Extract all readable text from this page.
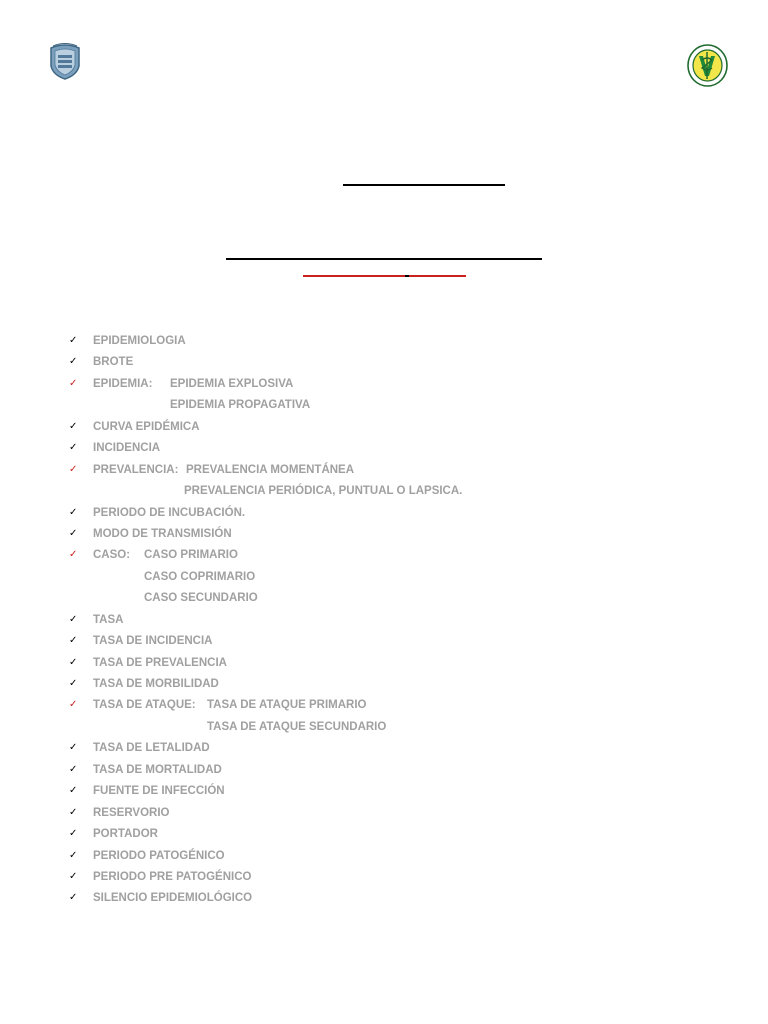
✓ EPIDEMIOLOGIA
✓ BROTE
✓ EPIDEMIA: EPIDEMIA EXPLOSIVA
EPIDEMIA PROPAGATIVA
✓ CURVA EPIDÉMICA
✓ INCIDENCIA
✓ PREVALENCIA: PREVALENCIA MOMENTÁNEA
PREVALENCIA PERIÓDICA, PUNTUAL O LAPSICA.
✓ PERIODO DE INCUBACIÓN.
✓ MODO DE TRANSMISIÓN
✓ CASO: CASO PRIMARIO
CASO COPRIMARIO
CASO SECUNDARIO
✓ TASA
✓ TASA DE INCIDENCIA
✓ TASA DE PREVALENCIA
✓ TASA DE MORBILIDAD
✓ TASA DE ATAQUE: TASA DE ATAQUE PRIMARIO
TASA DE ATAQUE SECUNDARIO
✓ TASA DE LETALIDAD
✓ TASA DE MORTALIDAD
✓ FUENTE DE INFECCIÓN
✓ RESERVORIO
✓ PORTADOR
✓ PERIODO PATOGÉNICO
✓ PERIODO PRE PATOGÉNICO
✓ SILENCIO EPIDEMIOLÓGICO
